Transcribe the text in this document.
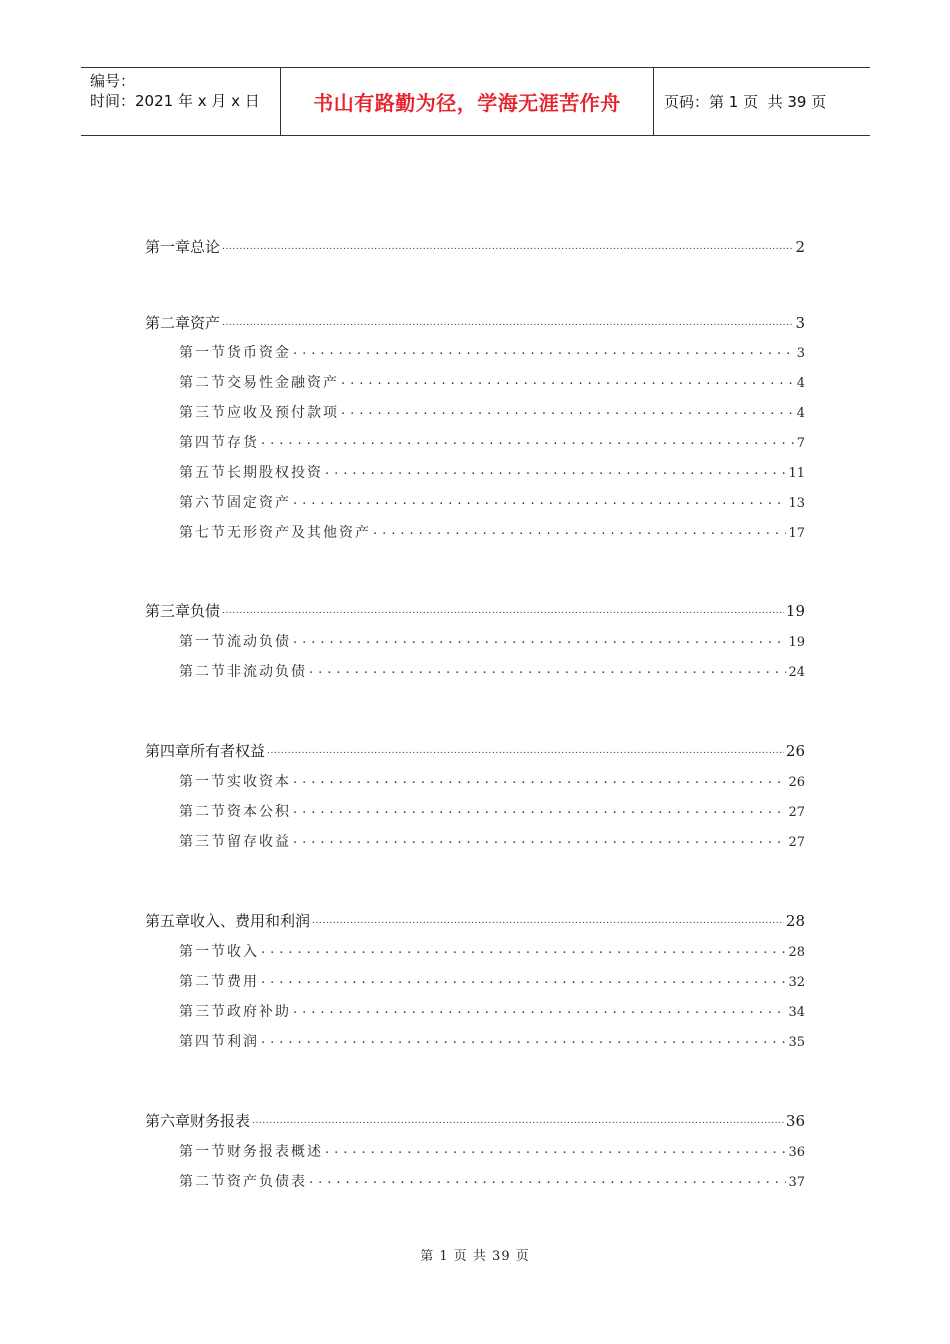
编号：
时间：2021 年 x 月 x 日	书山有路勤为径，学海无涯苦作舟	页码：第 1 页  共 39 页
第一章总论 .....	2
第二章资产 .....	3
第一节货币资金 .....	3
第二节交易性金融资产 .....	4
第三节应收及预付款项 .....	4
第四节存货 .....	7
第五节长期股权投资 .....	11
第六节固定资产 .....	13
第七节无形资产及其他资产 .....	17
第三章负债 .....	19
第一节流动负债 .....	19
第二节非流动负债 .....	24
第四章所有者权益 .....	26
第一节实收资本 .....	26
第二节资本公积 .....	27
第三节留存收益 .....	27
第五章收入、费用和利润 .....	28
第一节收入 .....	28
第二节费用 .....	32
第三节政府补助 .....	34
第四节利润 .....	35
第六章财务报表 .....	36
第一节财务报表概述 .....	36
第二节资产负债表 .....	37
第 1 页 共 39 页
